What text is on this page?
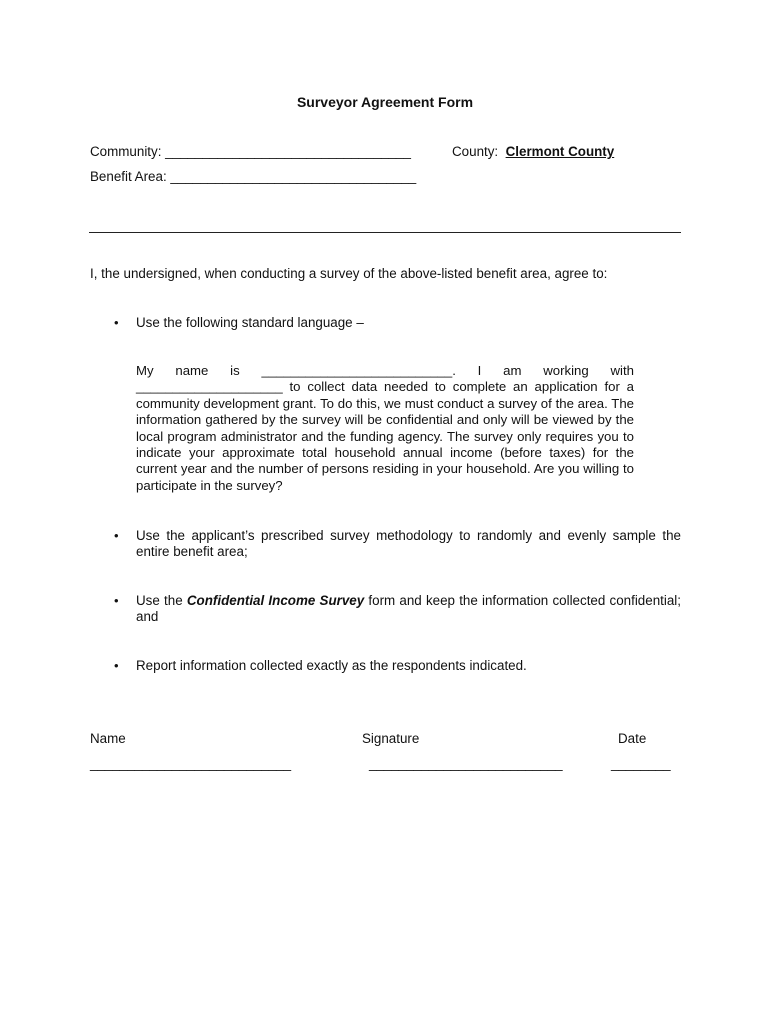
Surveyor Agreement Form
Community: _________________________________	County: Clermont County
Benefit Area: _________________________________
I, the undersigned, when conducting a survey of the above-listed benefit area, agree to:
• Use the following standard language –
My name is __________________________. I am working with
____________________ to collect data needed to complete an application for a community development grant. To do this, we must conduct a survey of the area. The information gathered by the survey will be confidential and only will be viewed by the local program administrator and the funding agency. The survey only requires you to indicate your approximate total household annual income (before taxes) for the current year and the number of persons residing in your household. Are you willing to participate in the survey?
• Use the applicant’s prescribed survey methodology to randomly and evenly sample the entire benefit area;
• Use the Confidential Income Survey form and keep the information collected confidential; and
• Report information collected exactly as the respondents indicated.
Name	Signature	Date
___________________________	__________________________	________
